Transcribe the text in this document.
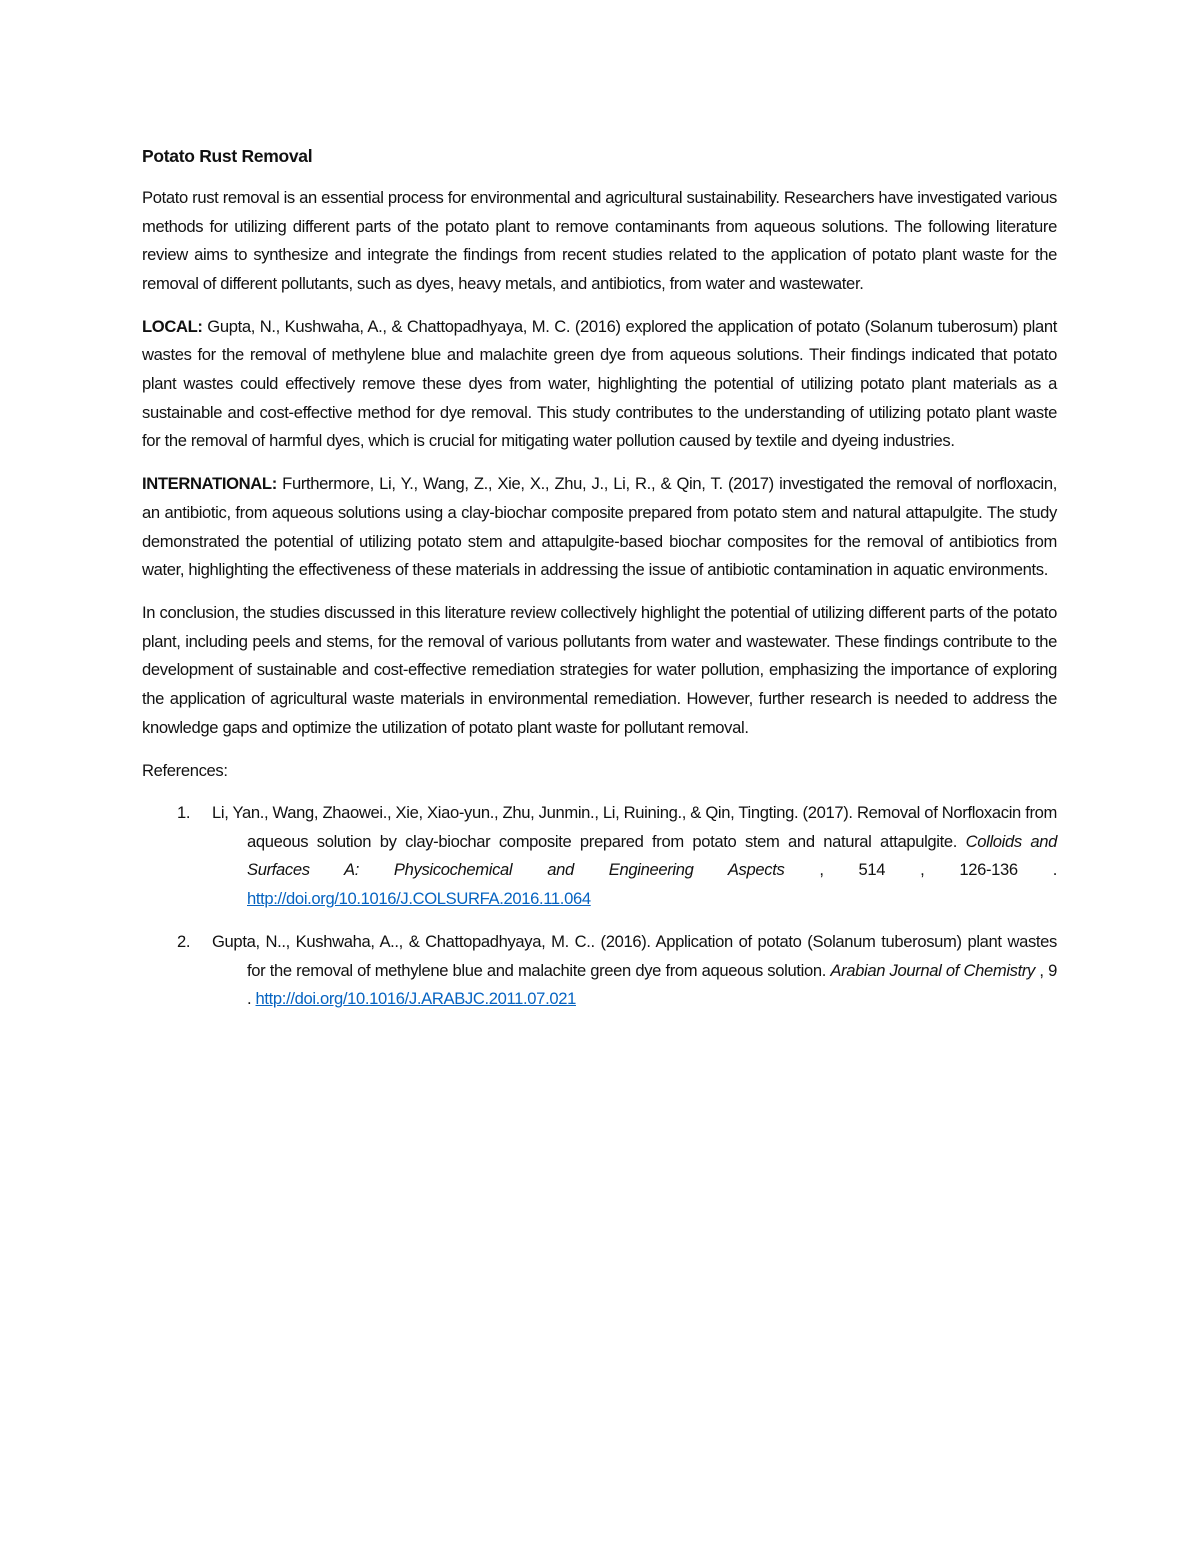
Potato Rust Removal

Potato rust removal is an essential process for environmental and agricultural sustainability. Researchers have investigated various methods for utilizing different parts of the potato plant to remove contaminants from aqueous solutions. The following literature review aims to synthesize and integrate the findings from recent studies related to the application of potato plant waste for the removal of different pollutants, such as dyes, heavy metals, and antibiotics, from water and wastewater.

LOCAL: Gupta, N., Kushwaha, A., & Chattopadhyaya, M. C. (2016) explored the application of potato (Solanum tuberosum) plant wastes for the removal of methylene blue and malachite green dye from aqueous solutions. Their findings indicated that potato plant wastes could effectively remove these dyes from water, highlighting the potential of utilizing potato plant materials as a sustainable and cost-effective method for dye removal. This study contributes to the understanding of utilizing potato plant waste for the removal of harmful dyes, which is crucial for mitigating water pollution caused by textile and dyeing industries.

INTERNATIONAL: Furthermore, Li, Y., Wang, Z., Xie, X., Zhu, J., Li, R., & Qin, T. (2017) investigated the removal of norfloxacin, an antibiotic, from aqueous solutions using a clay-biochar composite prepared from potato stem and natural attapulgite. The study demonstrated the potential of utilizing potato stem and attapulgite-based biochar composites for the removal of antibiotics from water, highlighting the effectiveness of these materials in addressing the issue of antibiotic contamination in aquatic environments.

In conclusion, the studies discussed in this literature review collectively highlight the potential of utilizing different parts of the potato plant, including peels and stems, for the removal of various pollutants from water and wastewater. These findings contribute to the development of sustainable and cost-effective remediation strategies for water pollution, emphasizing the importance of exploring the application of agricultural waste materials in environmental remediation. However, further research is needed to address the knowledge gaps and optimize the utilization of potato plant waste for pollutant removal.

References:

1. Li, Yan., Wang, Zhaowei., Xie, Xiao-yun., Zhu, Junmin., Li, Ruining., & Qin, Tingting. (2017). Removal of Norfloxacin from aqueous solution by clay-biochar composite prepared from potato stem and natural attapulgite. Colloids and Surfaces A: Physicochemical and Engineering Aspects , 514 , 126-136 . http://doi.org/10.1016/J.COLSURFA.2016.11.064
2. Gupta, N.., Kushwaha, A.., & Chattopadhyaya, M. C.. (2016). Application of potato (Solanum tuberosum) plant wastes for the removal of methylene blue and malachite green dye from aqueous solution. Arabian Journal of Chemistry , 9 . http://doi.org/10.1016/J.ARABJC.2011.07.021
